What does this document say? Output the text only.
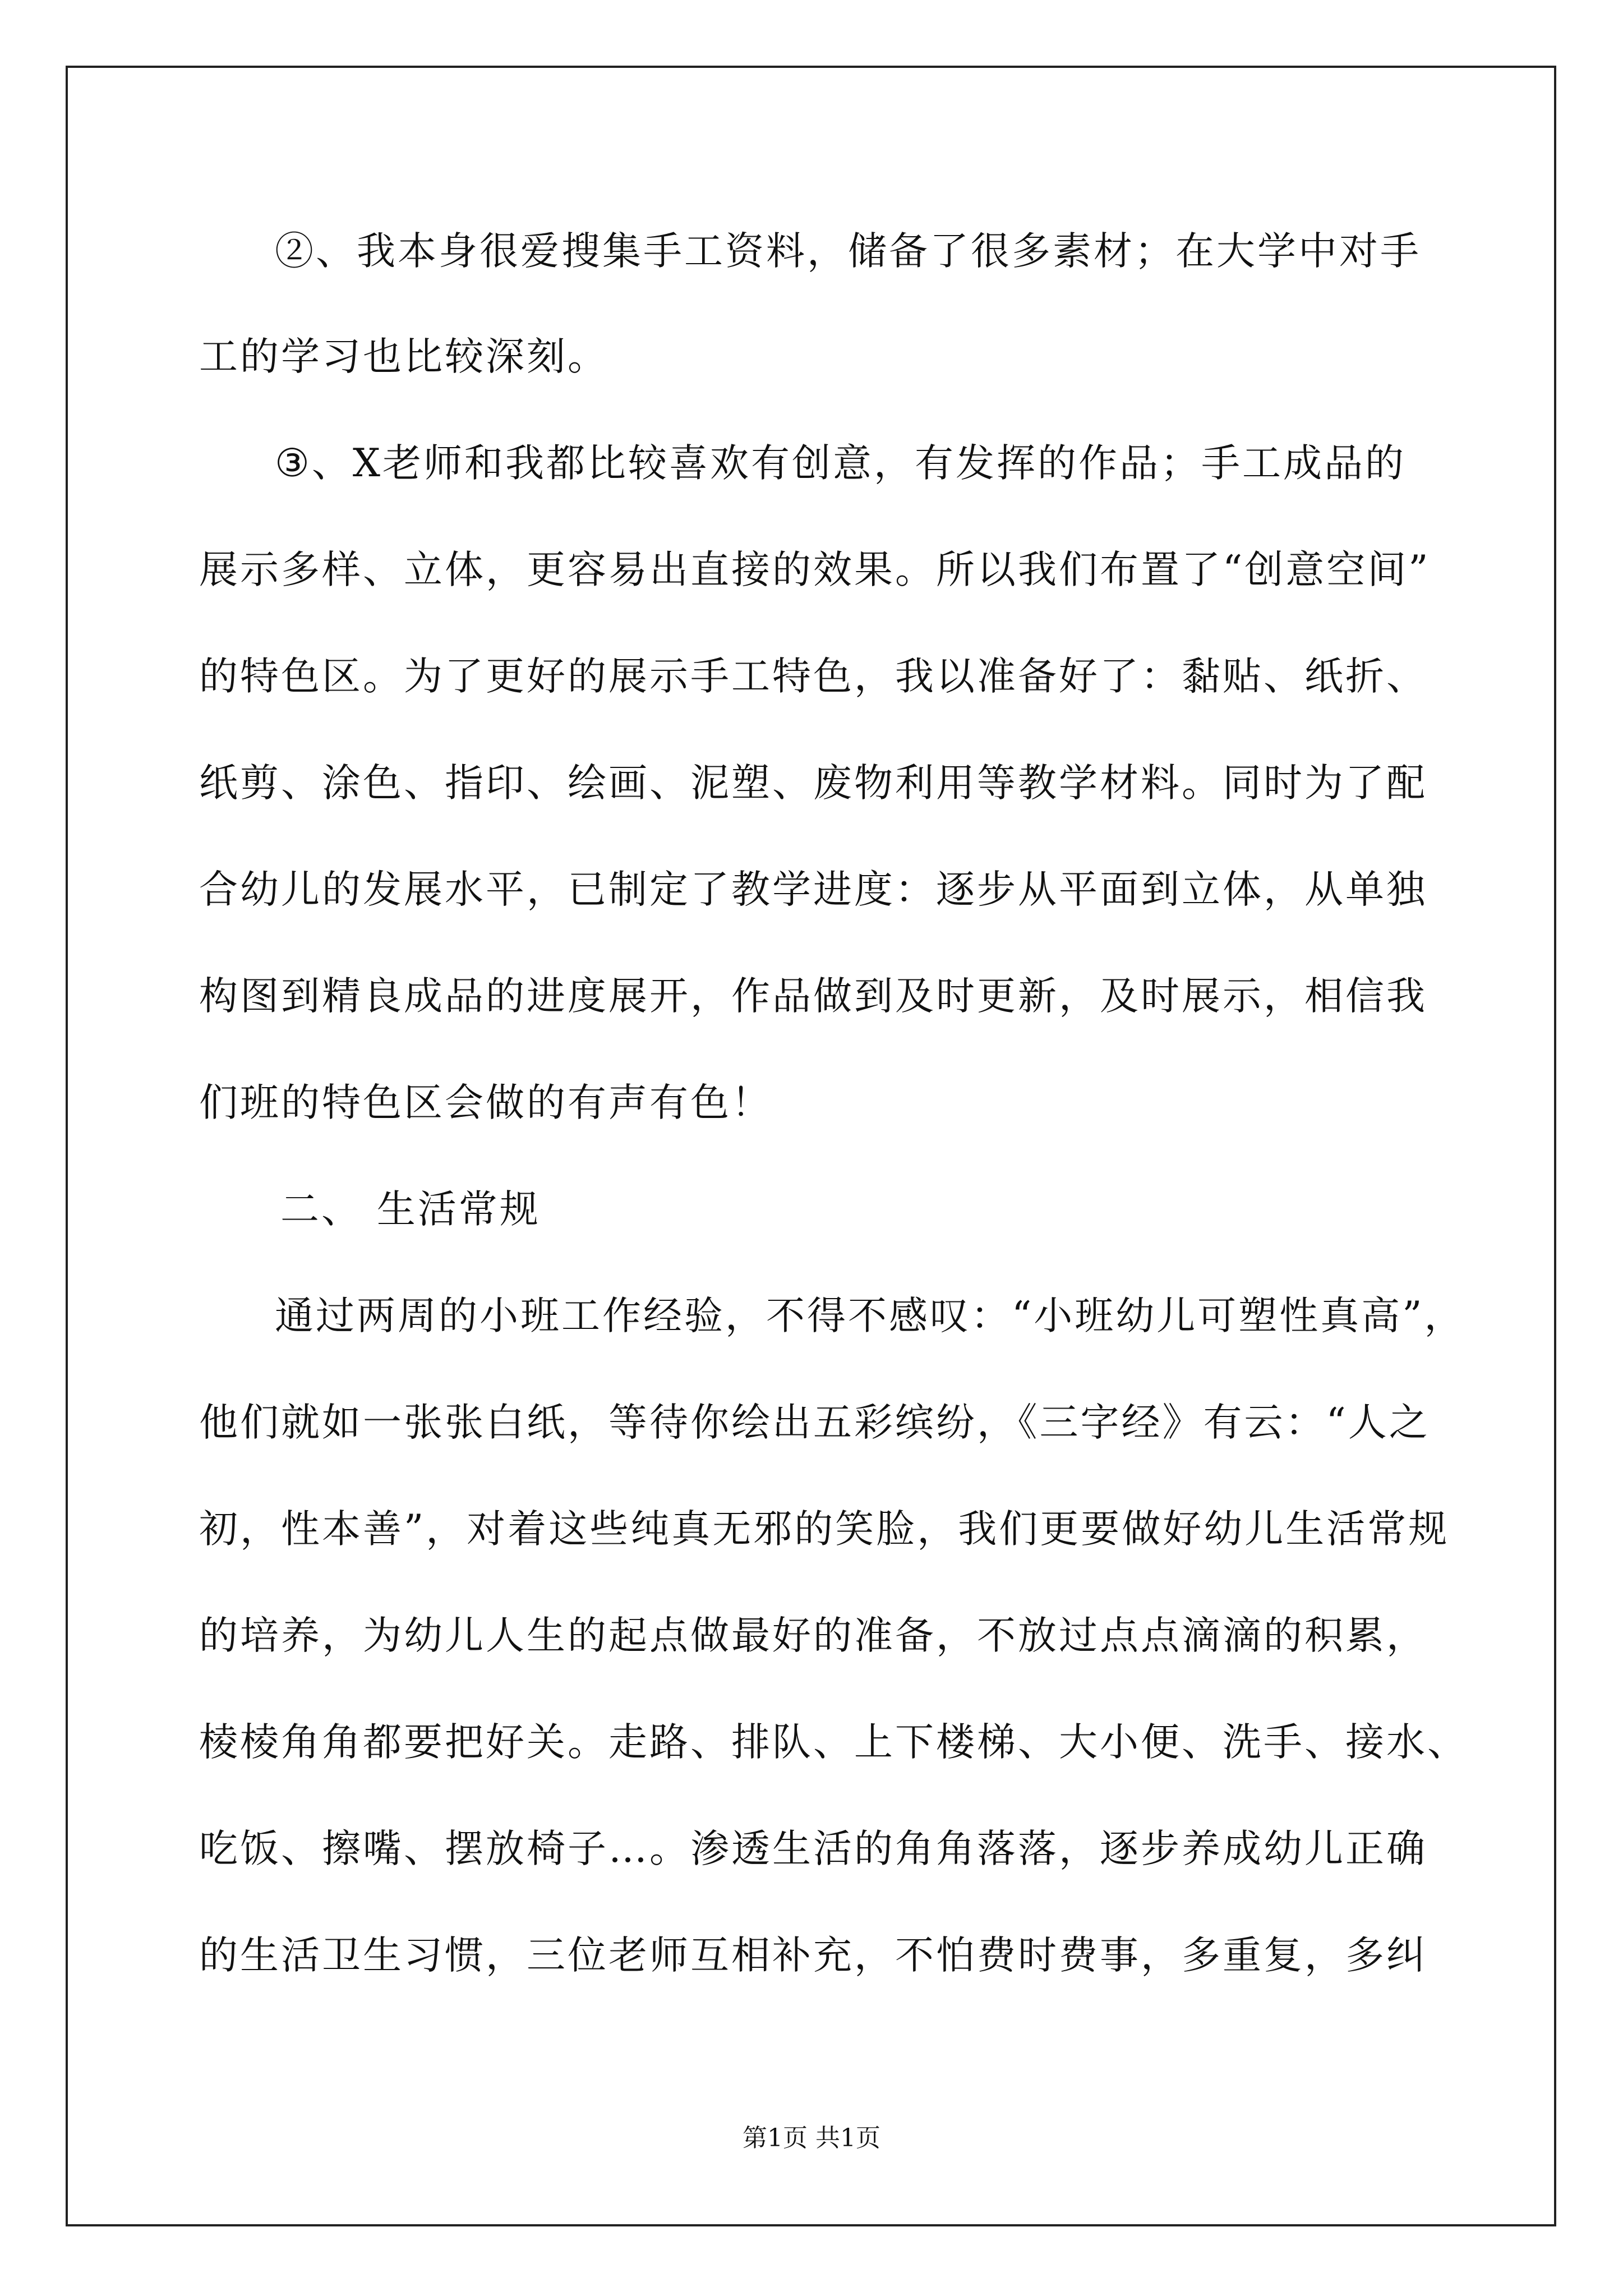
②、我本身很爱搜集手工资料，储备了很多素材；在大学中对手
工的学习也比较深刻。
③、X老师和我都比较喜欢有创意，有发挥的作品；手工成品的
展示多样、立体，更容易出直接的效果。所以我们布置了“创意空间”
的特色区。为了更好的展示手工特色，我以准备好了：黏贴、纸折、
纸剪、涂色、指印、绘画、泥塑、废物利用等教学材料。同时为了配
合幼儿的发展水平，已制定了教学进度：逐步从平面到立体，从单独
构图到精良成品的进度展开，作品做到及时更新，及时展示，相信我
们班的特色区会做的有声有色！
二、 生活常规
通过两周的小班工作经验，不得不感叹：“小班幼儿可塑性真高”，
他们就如一张张白纸，等待你绘出五彩缤纷，《三字经》有云：“人之
初，性本善”，对着这些纯真无邪的笑脸，我们更要做好幼儿生活常规
的培养，为幼儿人生的起点做最好的准备，不放过点点滴滴的积累，
棱棱角角都要把好关。走路、排队、上下楼梯、大小便、洗手、接水、
吃饭、擦嘴、摆放椅子…。渗透生活的角角落落，逐步养成幼儿正确
的生活卫生习惯，三位老师互相补充，不怕费时费事，多重复，多纠
第1页 共1页
